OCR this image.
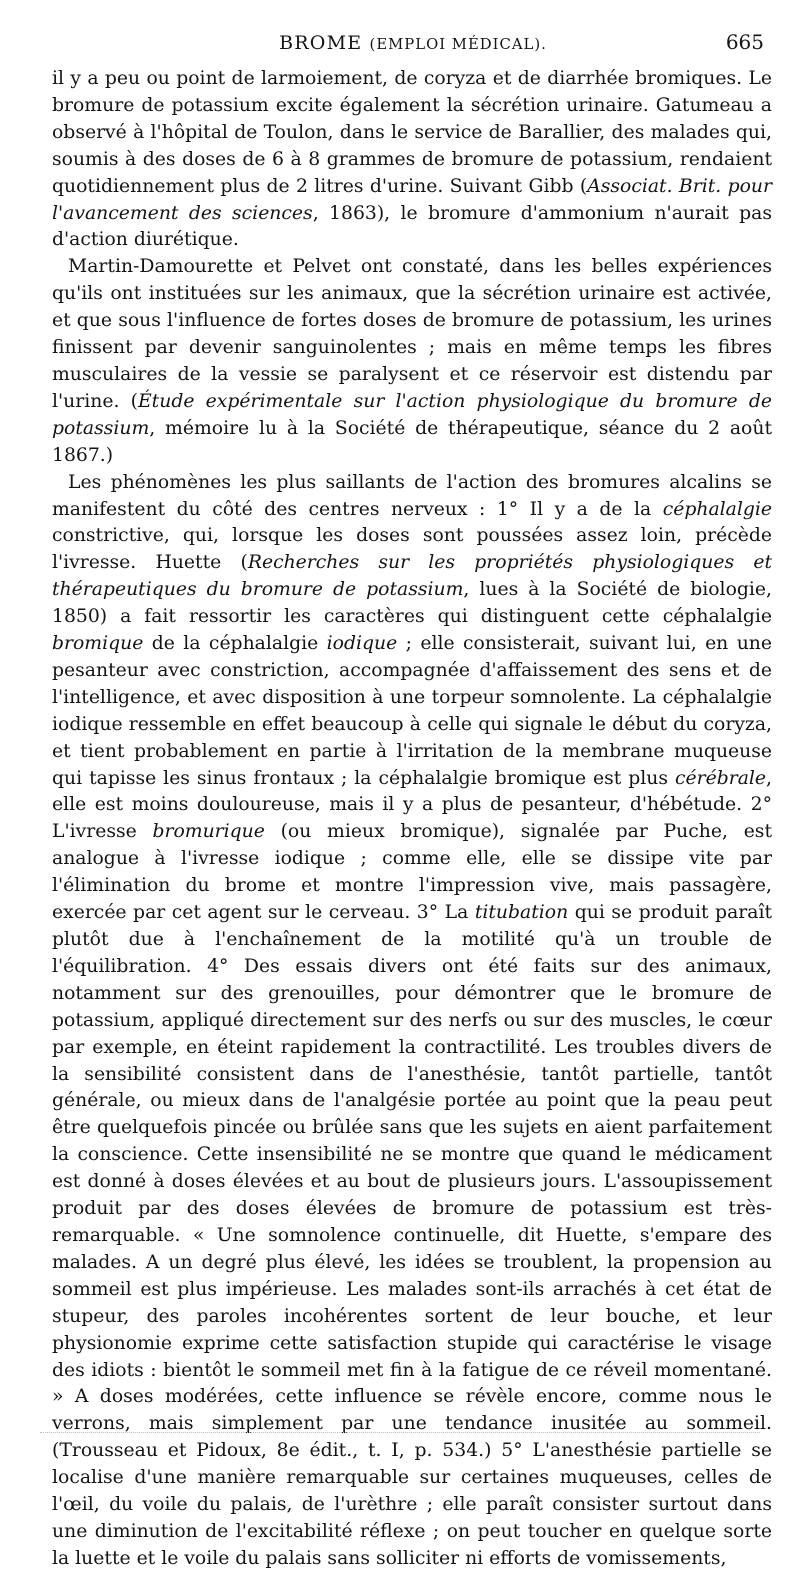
BROME (EMPLOI MÉDICAL).	665

il y a peu ou point de larmoiement, de coryza et de diarrhée bromiques. Le bromure de potassium excite également la sécrétion urinaire. Gatumeau a observé à l'hôpital de Toulon, dans le service de Barallier, des malades qui, soumis à des doses de 6 à 8 grammes de bromure de potassium, rendaient quotidiennement plus de 2 litres d'urine. Suivant Gibb (Associat. Brit. pour l'avancement des sciences, 1863), le bromure d'ammonium n'aurait pas d'action diurétique.

Martin-Damourette et Pelvet ont constaté, dans les belles expériences qu'ils ont instituées sur les animaux, que la sécrétion urinaire est activée, et que sous l'influence de fortes doses de bromure de potassium, les urines finissent par devenir sanguinolentes ; mais en même temps les fibres musculaires de la vessie se paralysent et ce réservoir est distendu par l'urine. (Étude expérimentale sur l'action physiologique du bromure de potassium, mémoire lu à la Société de thérapeutique, séance du 2 août 1867.)

Les phénomènes les plus saillants de l'action des bromures alcalins se manifestent du côté des centres nerveux : 1° Il y a de la céphalalgie constrictive, qui, lorsque les doses sont poussées assez loin, précède l'ivresse. Huette (Recherches sur les propriétés physiologiques et thérapeutiques du bromure de potassium, lues à la Société de biologie, 1850) a fait ressortir les caractères qui distinguent cette céphalalgie bromique de la céphalalgie iodique ; elle consisterait, suivant lui, en une pesanteur avec constriction, accompagnée d'affaissement des sens et de l'intelligence, et avec disposition à une torpeur somnolente. La céphalalgie iodique ressemble en effet beaucoup à celle qui signale le début du coryza, et tient probablement en partie à l'irritation de la membrane muqueuse qui tapisse les sinus frontaux ; la céphalalgie bromique est plus cérébrale, elle est moins douloureuse, mais il y a plus de pesanteur, d'hébétude. 2° L'ivresse bromurique (ou mieux bromique), signalée par Puche, est analogue à l'ivresse iodique ; comme elle, elle se dissipe vite par l'élimination du brome et montre l'impression vive, mais passagère, exercée par cet agent sur le cerveau. 3° La titubation qui se produit paraît plutôt due à l'enchaînement de la motilité qu'à un trouble de l'équilibration. 4° Des essais divers ont été faits sur des animaux, notamment sur des grenouilles, pour démontrer que le bromure de potassium, appliqué directement sur des nerfs ou sur des muscles, le cœur par exemple, en éteint rapidement la contractilité. Les troubles divers de la sensibilité consistent dans de l'anesthésie, tantôt partielle, tantôt générale, ou mieux dans de l'analgésie portée au point que la peau peut être quelquefois pincée ou brûlée sans que les sujets en aient parfaitement la conscience. Cette insensibilité ne se montre que quand le médicament est donné à doses élevées et au bout de plusieurs jours. L'assoupissement produit par des doses élevées de bromure de potassium est très-remarquable. « Une somnolence continuelle, dit Huette, s'empare des malades. A un degré plus élevé, les idées se troublent, la propension au sommeil est plus impérieuse. Les malades sont-ils arrachés à cet état de stupeur, des paroles incohérentes sortent de leur bouche, et leur physionomie exprime cette satisfaction stupide qui caractérise le visage des idiots : bientôt le sommeil met fin à la fatigue de ce réveil momentané. » A doses modérées, cette influence se révèle encore, comme nous le verrons, mais simplement par une tendance inusitée au sommeil. (Trousseau et Pidoux, 8e édit., t. I, p. 534.) 5° L'anesthésie partielle se localise d'une manière remarquable sur certaines muqueuses, celles de l'œil, du voile du palais, de l'urèthre ; elle paraît consister surtout dans une diminution de l'excitabilité réflexe ; on peut toucher en quelque sorte la luette et le voile du palais sans solliciter ni efforts de vomissements,
